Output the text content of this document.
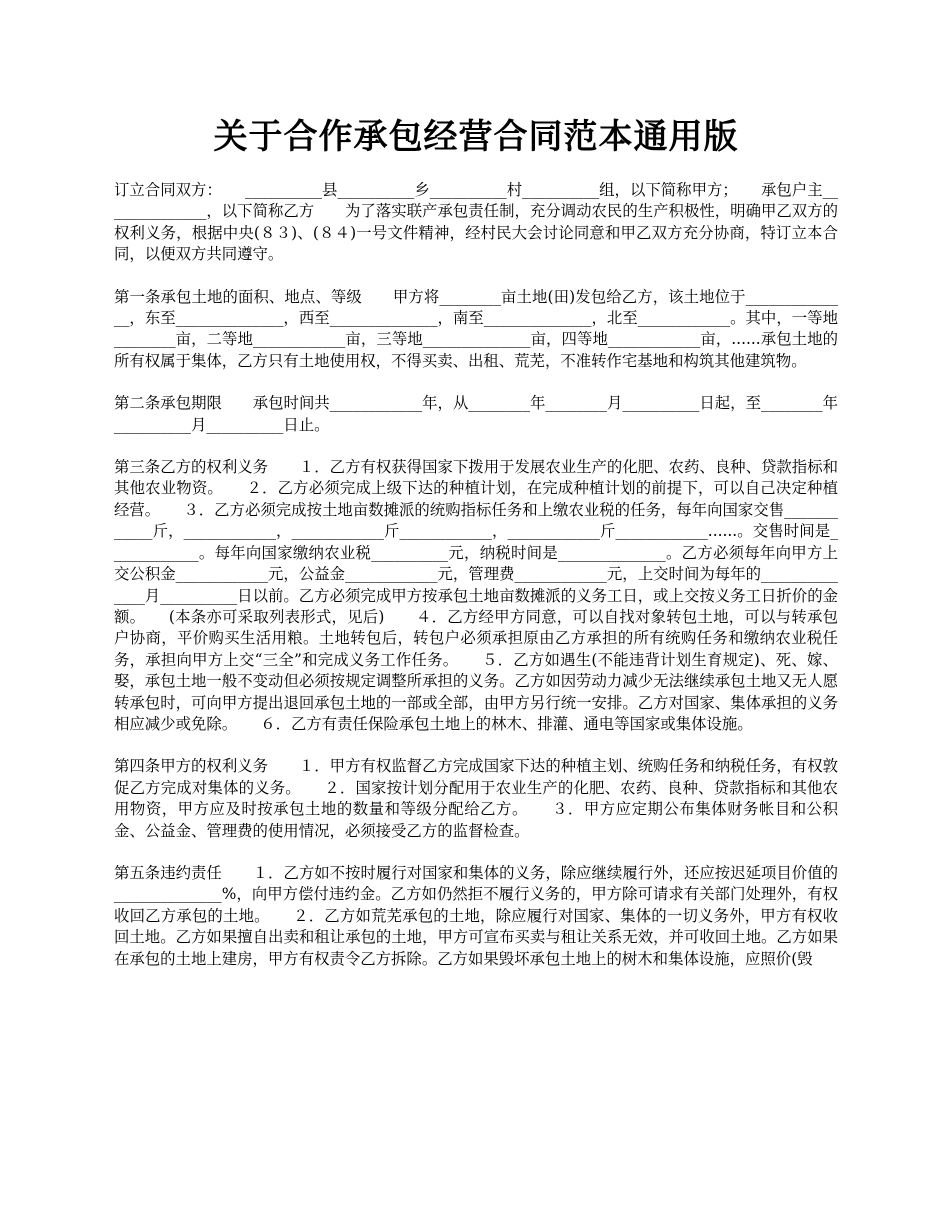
关于合作承包经营合同范本通用版

订立合同双方：　　__________县__________乡__________村__________组，以下简称甲方；　　承包户主______________，以下简称乙方　　为了落实联产承包责任制，充分调动农民的生产积极性，明确甲乙双方的权利义务，根据中央(８３)、(８４)一号文件精神，经村民大会讨论同意和甲乙双方充分协商，特订立本合同，以便双方共同遵守。

第一条承包土地的面积、地点、等级　　甲方将________亩土地(田)发包给乙方，该土地位于______________，东至______________，西至______________，南至______________，北至____________。其中，一等地________亩，二等地____________亩，三等地______________亩，四等地____________亩，......承包土地的所有权属于集体，乙方只有土地使用权，不得买卖、出租、荒芜，不准转作宅基地和构筑其他建筑物。

第二条承包期限　　承包时间共____________年，从________年________月__________日起，至________年__________月__________日止。

第三条乙方的权利义务　　１．乙方有权获得国家下拨用于发展农业生产的化肥、农药、良种、贷款指标和其他农业物资。　　２．乙方必须完成上级下达的种植计划，在完成种植计划的前提下，可以自己决定种植经营。　　３．乙方必须完成按土地亩数摊派的统购指标任务和上缴农业税的任务，每年向国家交售____________斤，____________，____________斤____________，____________斤____________......。交售时间是____________。每年向国家缴纳农业税__________元，纳税时间是______________。乙方必须每年向甲方上交公积金____________元，公益金____________元，管理费____________元，上交时间为每年的______________月__________日以前。乙方必须完成甲方按承包土地亩数摊派的义务工日，或上交按义务工日折价的金额。　　(本条亦可采取列表形式，见后)　　４．乙方经甲方同意，可以自找对象转包土地，可以与转承包户协商，平价购买生活用粮。土地转包后，转包户必须承担原由乙方承担的所有统购任务和缴纳农业税任务，承担向甲方上交“三全”和完成义务工作任务。　　５．乙方如遇生(不能违背计划生育规定)、死、嫁、娶，承包土地一般不变动但必须按规定调整所承担的义务。乙方如因劳动力减少无法继续承包土地又无人愿转承包时，可向甲方提出退回承包土地的一部或全部，由甲方另行统一安排。乙方对国家、集体承担的义务相应减少或免除。　　６．乙方有责任保险承包土地上的林木、排灌、通电等国家或集体设施。

第四条甲方的权利义务　　１．甲方有权监督乙方完成国家下达的种植主划、统购任务和纳税任务，有权敦促乙方完成对集体的义务。　　２．国家按计划分配用于农业生产的化肥、农药、良种、贷款指标和其他农用物资，甲方应及时按承包土地的数量和等级分配给乙方。　　３．甲方应定期公布集体财务帐目和公积金、公益金、管理费的使用情况，必须接受乙方的监督检查。

第五条违约责任　　１．乙方如不按时履行对国家和集体的义务，除应继续履行外，还应按迟延项目价值的______________%，向甲方偿付违约金。乙方如仍然拒不履行义务的，甲方除可请求有关部门处理外，有权收回乙方承包的土地。　　２．乙方如荒芜承包的土地，除应履行对国家、集体的一切义务外，甲方有权收回土地。乙方如果擅自出卖和租让承包的土地，甲方可宣布买卖与租让关系无效，并可收回土地。乙方如果在承包的土地上建房，甲方有权责令乙方拆除。乙方如果毁坏承包土地上的树木和集体设施，应照价(毁
